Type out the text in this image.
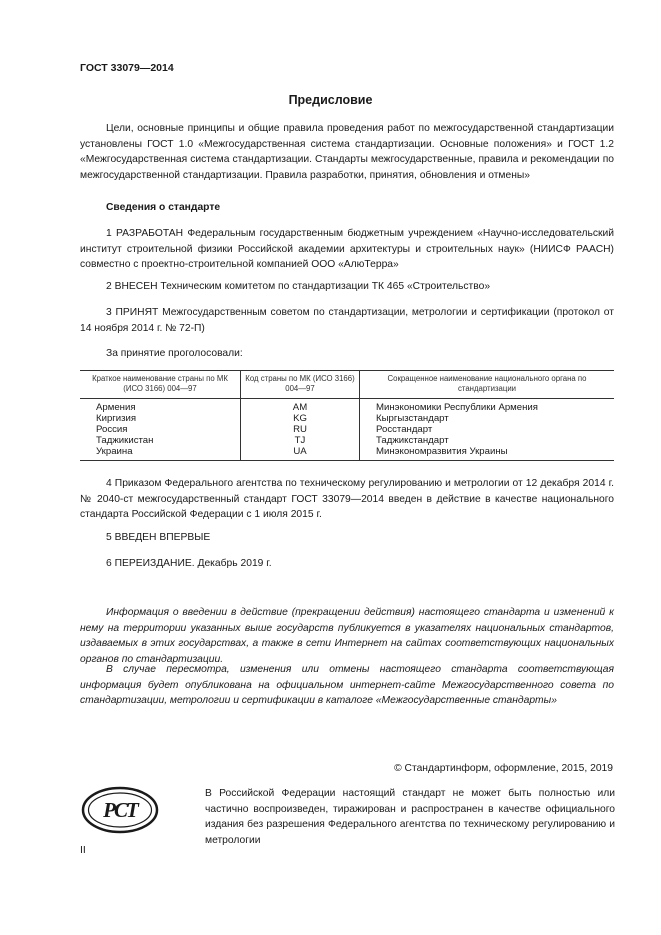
ГОСТ 33079—2014
Предисловие
Цели, основные принципы и общие правила проведения работ по межгосударственной стандартизации установлены ГОСТ 1.0 «Межгосударственная система стандартизации. Основные положения» и ГОСТ 1.2 «Межгосударственная система стандартизации. Стандарты межгосударственные, правила и рекомендации по межгосударственной стандартизации. Правила разработки, принятия, обновления и отмены»
Сведения о стандарте
1 РАЗРАБОТАН Федеральным государственным бюджетным учреждением «Научно-исследовательский институт строительной физики Российской академии архитектуры и строительных наук» (НИИСФ РААСН) совместно с проектно-строительной компанией ООО «АлюТерра»
2 ВНЕСЕН Техническим комитетом по стандартизации ТК 465 «Строительство»
3 ПРИНЯТ Межгосударственным советом по стандартизации, метрологии и сертификации (протокол от 14 ноября 2014 г. № 72-П)
За принятие проголосовали:
Краткое наименование страны по МК (ИСО 3166) 004—97	Код страны по МК (ИСО 3166) 004—97	Сокращенное наименование национального органа по стандартизации
Армения	AM	Минэкономики Республики Армения
Киргизия	KG	Кыргызстандарт
Россия	RU	Росстандарт
Таджикистан	TJ	Таджикстандарт
Украина	UA	Минэкономразвития Украины
4 Приказом Федерального агентства по техническому регулированию и метрологии от 12 декабря 2014 г. № 2040-ст межгосударственный стандарт ГОСТ 33079—2014 введен в действие в качестве национального стандарта Российской Федерации с 1 июля 2015 г.
5 ВВЕДЕН ВПЕРВЫЕ
6 ПЕРЕИЗДАНИЕ. Декабрь 2019 г.
Информация о введении в действие (прекращении действия) настоящего стандарта и изменений к нему на территории указанных выше государств публикуется в указателях национальных стандартов, издаваемых в этих государствах, а также в сети Интернет на сайтах соответствующих национальных органов по стандартизации.
В случае пересмотра, изменения или отмены настоящего стандарта соответствующая информация будет опубликована на официальном интернет-сайте Межгосударственного совета по стандартизации, метрологии и сертификации в каталоге «Межгосударственные стандарты»
© Стандартинформ, оформление, 2015, 2019
РСТ
В Российской Федерации настоящий стандарт не может быть полностью или частично воспроизведен, тиражирован и распространен в качестве официального издания без разрешения Федерального агентства по техническому регулированию и метрологии
II
